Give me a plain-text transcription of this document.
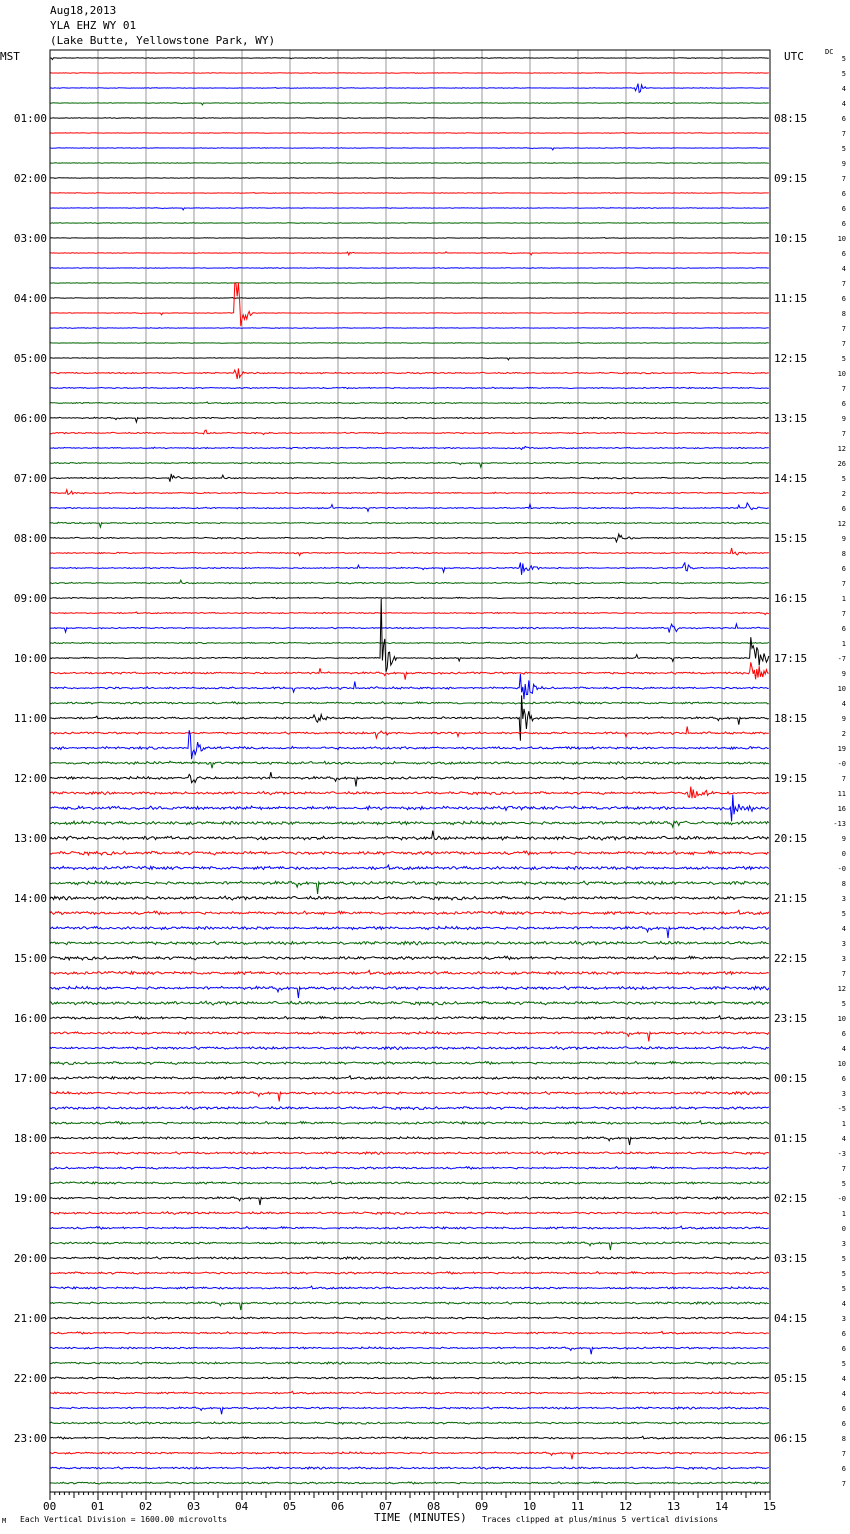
Aug18,2013
YLA EHZ WY 01
(Lake Butte, Yellowstone Park, WY)
MST	UTC	DC
01:00
02:00
03:00
04:00
05:00
06:00
07:00
08:00
09:00
10:00
11:00
12:00
13:00
14:00
15:00
16:00
17:00
18:00
19:00
20:00
21:00
22:00
23:00
08:15
09:15
10:15
11:15
12:15
13:15
14:15
15:15
16:15
17:15
18:15
19:15
20:15
21:15
22:15
23:15
00:15
01:15
02:15
03:15
04:15
05:15
06:15
5
5
4
4
6
7
5
9
7
6
6
6
10
6
4
7
6
8
7
7
5
10
7
6
9
7
12
26
5
2
6
12
9
8
6
7
1
7
6
1
-7
9
10
4
9
2
19
-0
7
11
16
-13
9
0
-0
8
3
5
4
3
3
7
12
5
10
6
4
10
6
3
-5
1
4
-3
7
5
-0
1
0
3
5
5
5
4
3
6
6
5
4
4
6
6
8
7
6
7
00	01	02	03	04	05	06	07	08	09	10	11	12	13	14	15
M Each Vertical Division = 1600.00 microvolts	TIME (MINUTES) Traces clipped at plus/minus 5 vertical divisions
